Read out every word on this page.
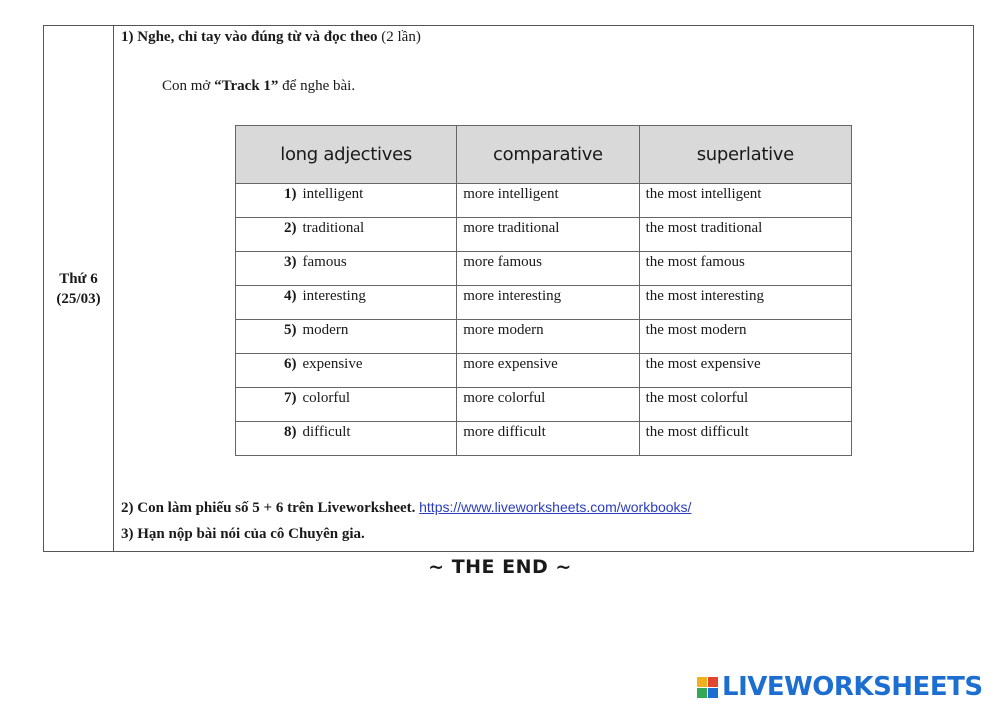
Thứ 6
(25/03)
1) Nghe, chỉ tay vào đúng từ và đọc theo (2 lần)
Con mở “Track 1” để nghe bài.
long adjectives	comparative	superlative
1) intelligent	more intelligent	the most intelligent
2) traditional	more traditional	the most traditional
3) famous	more famous	the most famous
4) interesting	more interesting	the most interesting
5) modern	more modern	the most modern
6) expensive	more expensive	the most expensive
7) colorful	more colorful	the most colorful
8) difficult	more difficult	the most difficult
2) Con làm phiếu số 5 + 6 trên Liveworksheet. https://www.liveworksheets.com/workbooks/
3) Hạn nộp bài nói của cô Chuyên gia.
~ THE END ~
LIVEWORKSHEETS
